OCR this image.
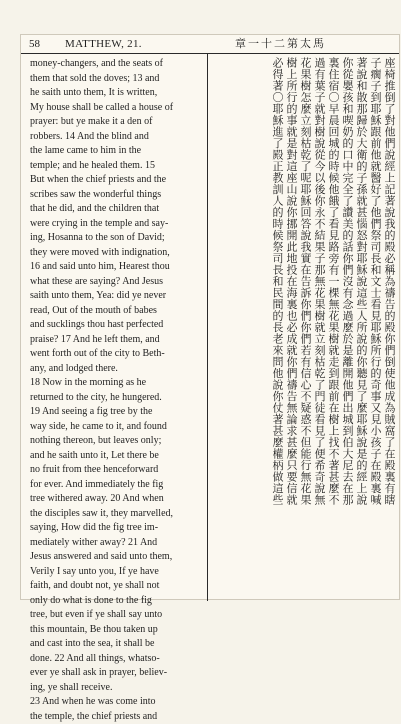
58 MATTHEW, 21.	章一十二第太馬
money-changers, and the seats of
them that sold the doves; 13 and
he saith unto them, It is written,
My house shall be called a house of
prayer: but ye make it a den of
robbers. 14 And the blind and
the lame came to him in the
temple; and he healed them. 15
But when the chief priests and the
scribes saw the wonderful things
that he did, and the children that
were crying in the temple and say-
ing, Hosanna to the son of David;
they were moved with indignation,
16 and said unto him, Hearest thou
what these are saying? And Jesus
saith unto them, Yea: did ye never
read, Out of the mouth of babes
and sucklings thou hast perfected
praise? 17 And he left them, and
went forth out of the city to Beth-
any, and lodged there.
18 Now in the morning as he
returned to the city, he hungered.
19 And seeing a fig tree by the
way side, he came to it, and found
nothing thereon, but leaves only;
and he saith unto it, Let there be
no fruit from thee henceforward
for ever. And immediately the fig
tree withered away. 20 And when
the disciples saw it, they marvelled,
saying, How did the fig tree im-
mediately wither away? 21 And
Jesus answered and said unto them,
Verily I say unto you, If ye have
faith, and doubt not, ye shall not
only do what is done to the fig
tree, but even if ye shall say unto
this mountain, Be thou taken up
and cast into the sea, it shall be
done. 22 And all things, whatso-
ever ye shall ask in prayer, believ-
ing, ye shall receive.
23 And when he was come into
the temple, the chief priests and
座椅推倒了對他們說經上記著說我的殿必稱為禱告的殿你們倒使他成為賊窩了在殿裏有瞎
子瘸子到耶穌跟前他就醫好了他們祭司長和文士看見耶穌所行的奇事又見小孩子在殿裏喊
著說和散那歸於大衛的子孫就甚惱怒對耶穌說這些人所說的你聽見了麼耶穌說是的經上說
你從嬰孩和喫奶的口中完全了讚美的話你們沒有念過麼於是離開他們出城到伯大尼去在那
裏住宿〇早晨回城的時候他餓了看見路旁有一棵無花果樹就走到跟前在樹上找不著甚麼不
過有葉子就對樹說從今以後你永不結果子那無花果樹就立刻枯乾了門徒看見了便希奇說無
花果樹怎麼立刻枯乾了呢耶穌回答說我實在告訴你們你們若有信心不疑惑不但能行無花果
樹上所行的事就是對這座山說你挪開此地投在海裏也必成就你們禱告無論求甚麼只要信就
必得著〇耶穌進了殿正教訓人的時候祭司長和民間的長老來問他說你仗著甚麼權柄做這些
